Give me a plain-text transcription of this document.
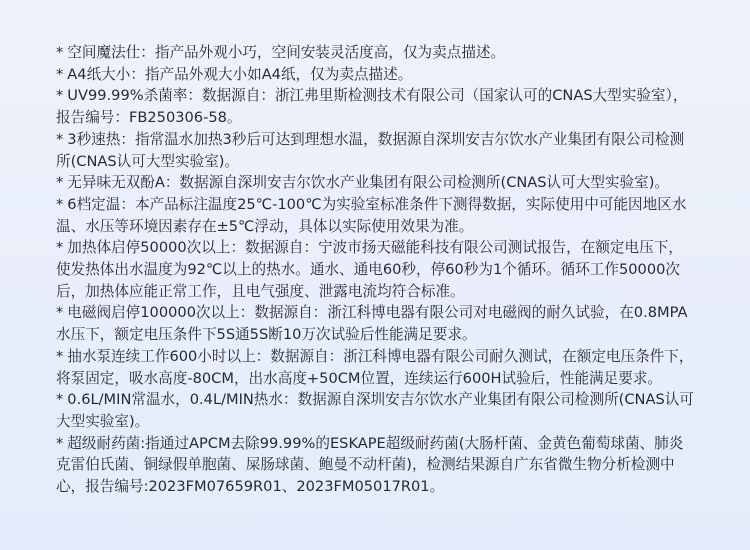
* 空间魔法仕：指产品外观小巧，空间安装灵活度高，仅为卖点描述。
* A4纸大小：指产品外观大小如A4纸，仅为卖点描述。
* UV99.99%杀菌率：数据源自：浙江弗里斯检测技术有限公司（国家认可的CNAS大型实验室），报告编号：FB250306-58。
* 3秒速热：指常温水加热3秒后可达到理想水温，数据源自深圳安吉尔饮水产业集团有限公司检测所(CNAS认可大型实验室)。
* 无异味无双酚A：数据源自深圳安吉尔饮水产业集团有限公司检测所(CNAS认可大型实验室)。
* 6档定温：本产品标注温度25℃-100℃为实验室标准条件下测得数据，实际使用中可能因地区水温、水压等环境因素存在±5℃浮动，具体以实际使用效果为准。
* 加热体启停50000次以上：数据源自：宁波市扬天磁能科技有限公司测试报告，在额定电压下，使发热体出水温度为92℃以上的热水。通水、通电60秒，停60秒为1个循环。循环工作50000次后，加热体应能正常工作，且电气强度、泄露电流均符合标准。
* 电磁阀启停100000次以上：数据源自：浙江科博电器有限公司对电磁阀的耐久试验，在0.8MPA水压下，额定电压条件下5S通5S断10万次试验后性能满足要求。
* 抽水泵连续工作600小时以上：数据源自：浙江科博电器有限公司耐久测试，在额定电压条件下，将泵固定，吸水高度-80CM，出水高度+50CM位置，连续运行600H试验后，性能满足要求。
* 0.6L/MIN常温水，0.4L/MIN热水：数据源自深圳安吉尔饮水产业集团有限公司检测所(CNAS认可大型实验室)。
* 超级耐药菌:指通过APCM去除99.99%的ESKAPE超级耐药菌(大肠杆菌、金黄色葡萄球菌、肺炎克雷伯氏菌、铜绿假单胞菌、屎肠球菌、鲍曼不动杆菌)，检测结果源自广东省微生物分析检测中心，报告编号:2023FM07659R01、2023FM05017R01。
